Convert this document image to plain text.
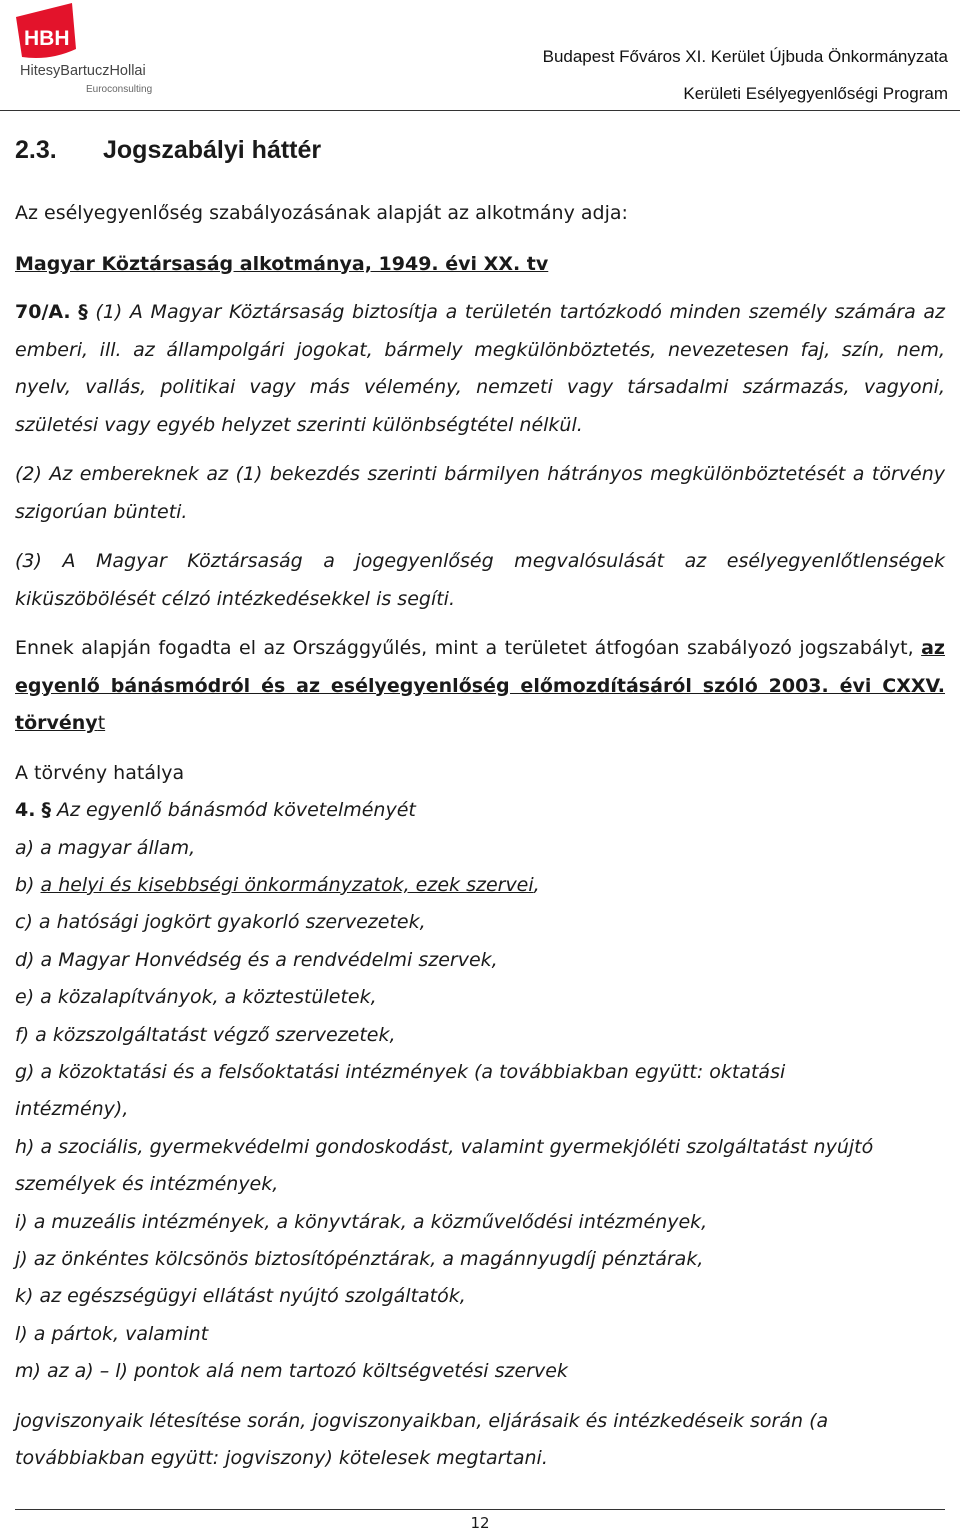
HBH
HitesyBartuczHollai
Euroconsulting
Budapest Főváros XI. Kerület Újbuda Önkormányzata
Kerületi Esélyegyenlőségi Program
2.3. Jogszabályi háttér

Az esélyegyenlőség szabályozásának alapját az alkotmány adja:

Magyar Köztársaság alkotmánya, 1949. évi XX. tv

70/A. § (1) A Magyar Köztársaság biztosítja a területén tartózkodó minden személy számára az emberi, ill. az állampolgári jogokat, bármely megkülönböztetés, nevezetesen faj, szín, nem, nyelv, vallás, politikai vagy más vélemény, nemzeti vagy társadalmi származás, vagyoni, születési vagy egyéb helyzet szerinti különbségtétel nélkül.

(2) Az embereknek az (1) bekezdés szerinti bármilyen hátrányos megkülönböztetését a törvény szigorúan bünteti.

(3) A Magyar Köztársaság a jogegyenlőség megvalósulását az esélyegyenlőtlenségek kiküszöbölését célzó intézkedésekkel is segíti.

Ennek alapján fogadta el az Országgyűlés, mint a területet átfogóan szabályozó jogszabályt, az egyenlő bánásmódról és az esélyegyenlőség előmozdításáról szóló 2003. évi CXXV. törvényt

A törvény hatálya

4. § Az egyenlő bánásmód követelményét

a) a magyar állam,

b) a helyi és kisebbségi önkormányzatok, ezek szervei,

c) a hatósági jogkört gyakorló szervezetek,

d) a Magyar Honvédség és a rendvédelmi szervek,

e) a közalapítványok, a köztestületek,

f) a közszolgáltatást végző szervezetek,

g) a közoktatási és a felsőoktatási intézmények (a továbbiakban együtt: oktatási intézmény),

h) a szociális, gyermekvédelmi gondoskodást, valamint gyermekjóléti szolgáltatást nyújtó személyek és intézmények,

i) a muzeális intézmények, a könyvtárak, a közművelődési intézmények,

j) az önkéntes kölcsönös biztosítópénztárak, a magánnyugdíj pénztárak,

k) az egészségügyi ellátást nyújtó szolgáltatók,

l) a pártok, valamint

m) az a) – l) pontok alá nem tartozó költségvetési szervek

jogviszonyaik létesítése során, jogviszonyaikban, eljárásaik és intézkedéseik során (a továbbiakban együtt: jogviszony) kötelesek megtartani.

12
